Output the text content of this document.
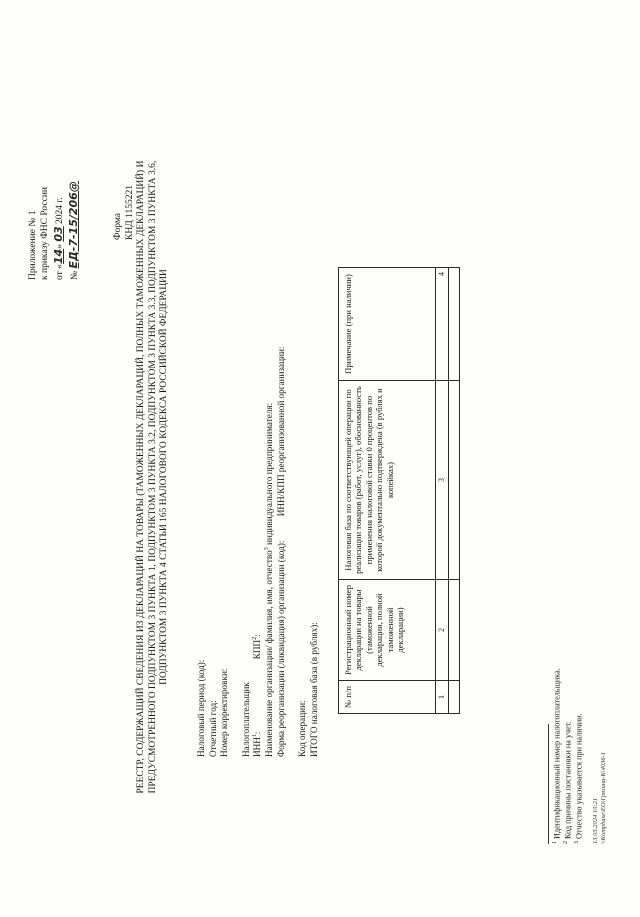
Приложение № 1 к приказу ФНС России от «14» 03 2024 г.
№ ЕД-7-15/206@	Форма КНД 1155221 РЕЕСТР, СОДЕРЖАЩИЙ СВЕДЕНИЯ ИЗ ДЕКЛАРАЦИЙ НА ТОВАРЫ (ТАМОЖЕННЫХ ДЕКЛАРАЦИЙ, ПОЛНЫХ ТАМОЖЕННЫХ ДЕКЛАРАЦИЙ) И ПРЕДУСМОТРЕННОГО ПОДПУНКТОМ 3 ПУНКТА 1, ПОДПУНКТОМ 3 ПУНКТА 3.2, ПОДПУНКТОМ 3 ПУНКТА 3.3, ПОДПУНКТОМ 3 ПУНКТА 3.6, ПОДПУНКТОМ 3 ПУНКТА 4 СТАТЬИ 165 НАЛОГОВОГО КОДЕКСА РОССИЙСКОЙ ФЕДЕРАЦИИ
Налоговый период (код): Отчетный год: Номер корректировки: Налогоплательщик ИНН$^1$: КПП$^2$: Наименование организации/ фамилия, имя, отчество$^3$ индивидуального предпринимателя:
Форма реорганизации (ликвидация) организации (код): ИНН/КПП реорганизованной организации:
Код операции: ИТОГО налоговая база (в рублях):	№ п/п	Регистрационный номер декларации на товары (таможенной декларации, полной таможенной декларации)	Налоговая база по соответствующей операции по реализации товаров (работ, услуг), обоснованность применения налоговой ставки 0 процентов по которой документально подтверждена (в рублях и копейках)	Примечание (при наличии)
1	2	3	4

$^1$ Идентификационный номер налогоплательщика.
$^2$ Код причины постановки на учет.
$^3$ Отчество указывается при наличии. 13.03.2024 10:21 \\Kompbase\ЕО\Грязина-К\4036-1
